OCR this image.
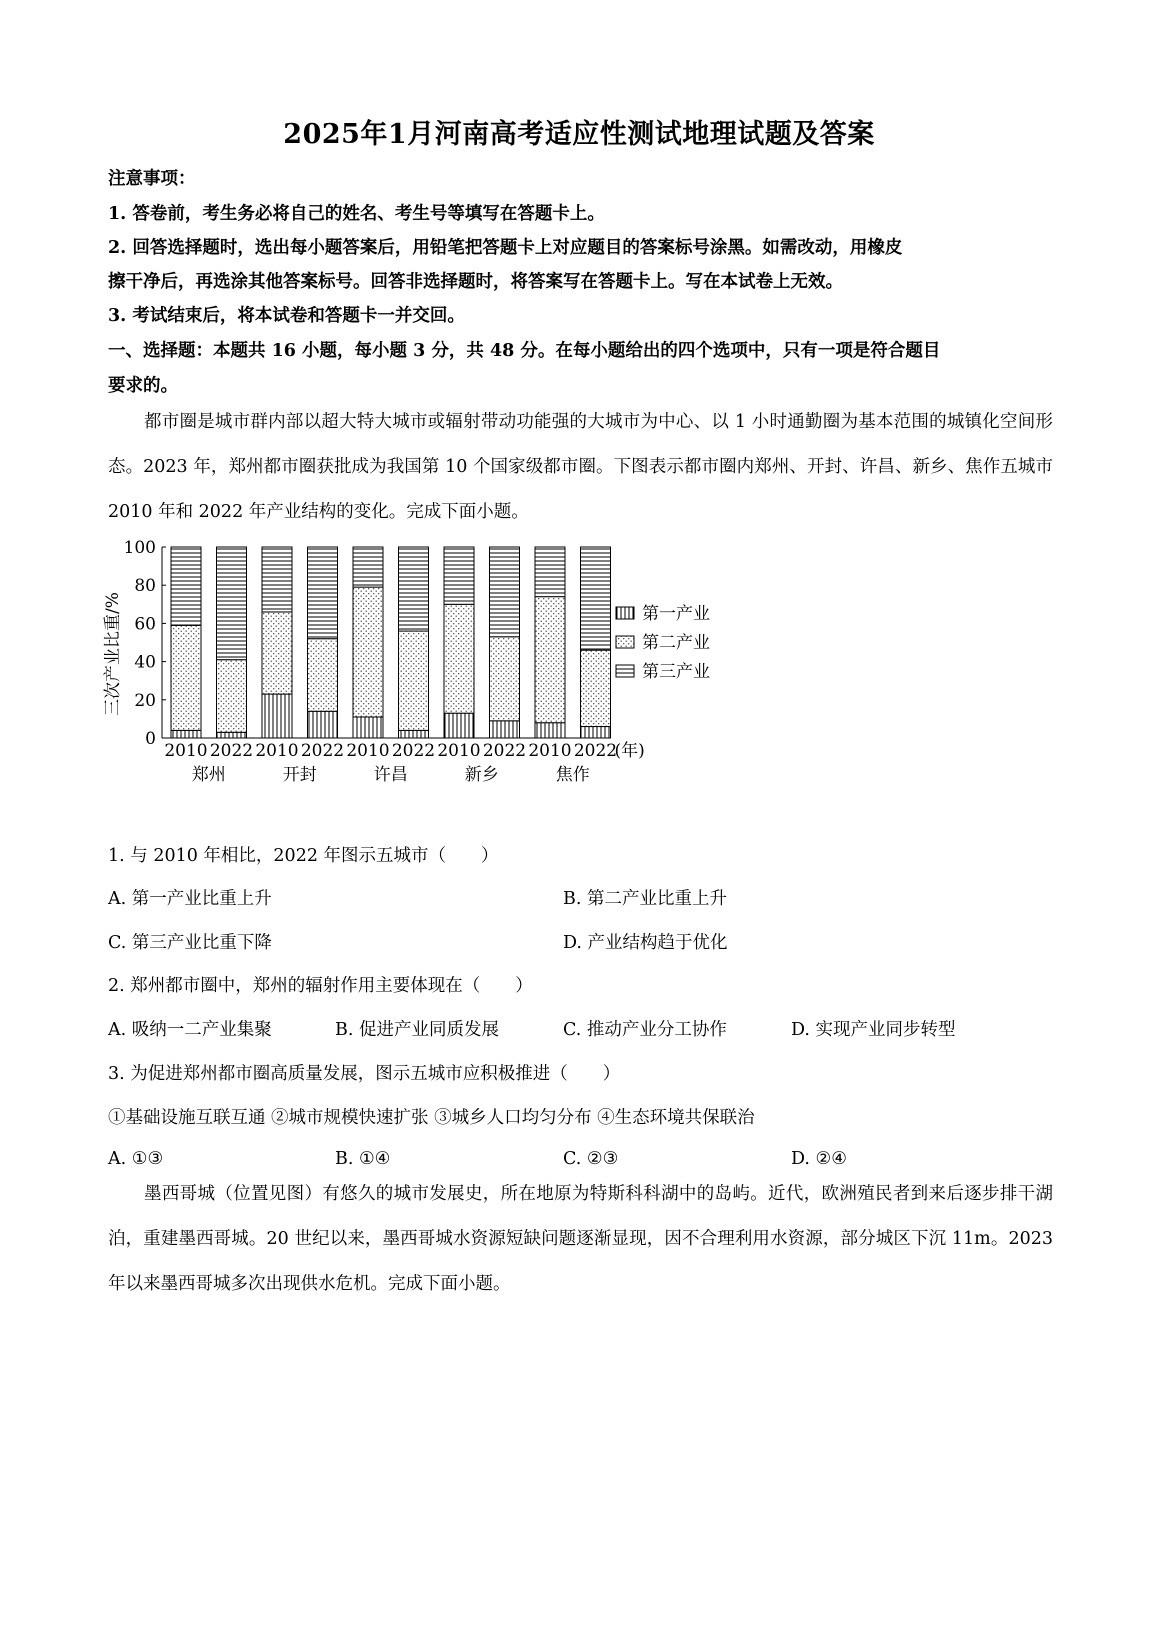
2025年1月河南高考适应性测试地理试题及答案
注意事项：
1. 答卷前，考生务必将自己的姓名、考生号等填写在答题卡上。
2. 回答选择题时，选出每小题答案后，用铅笔把答题卡上对应题目的答案标号涂黑。如需改动，用橡皮
擦干净后，再选涂其他答案标号。回答非选择题时，将答案写在答题卡上。写在本试卷上无效。
3. 考试结束后，将本试卷和答题卡一并交回。
一、选择题：本题共 16 小题，每小题 3 分，共 48 分。在每小题给出的四个选项中，只有一项是符合题目
要求的。
都市圈是城市群内部以超大特大城市或辐射带动功能强的大城市为中心、以 1 小时通勤圈为基本范围的城镇化空间形态。2023 年，郑州都市圈获批成为我国第 10 个国家级都市圈。下图表示都市圈内郑州、开封、许昌、新乡、焦作五城市 2010 年和 2022 年产业结构的变化。完成下面小题。
0
20
40
60
80
100
三次产业比重/%
2010 2022 2010 2022 2010 2022 2010 2022 2010 2022
(年)
郑州	开封	许昌	新乡	焦作
第一产业
第二产业
第三产业
1. 与 2010 年相比，2022 年图示五城市（　　）
A. 第一产业比重上升	B. 第二产业比重上升
C. 第三产业比重下降	D. 产业结构趋于优化
2. 郑州都市圈中，郑州的辐射作用主要体现在（　　）
A. 吸纳一二产业集聚	B. 促进产业同质发展	C. 推动产业分工协作	D. 实现产业同步转型
3. 为促进郑州都市圈高质量发展，图示五城市应积极推进（　　）
①基础设施互联互通 ②城市规模快速扩张 ③城乡人口均匀分布 ④生态环境共保联治
A. ①③	B. ①④	C. ②③	D. ②④
墨西哥城（位置见图）有悠久的城市发展史，所在地原为特斯科科湖中的岛屿。近代，欧洲殖民者到来后逐步排干湖泊，重建墨西哥城。20 世纪以来，墨西哥城水资源短缺问题逐渐显现，因不合理利用水资源，部分城区下沉 11m。2023 年以来墨西哥城多次出现供水危机。完成下面小题。
